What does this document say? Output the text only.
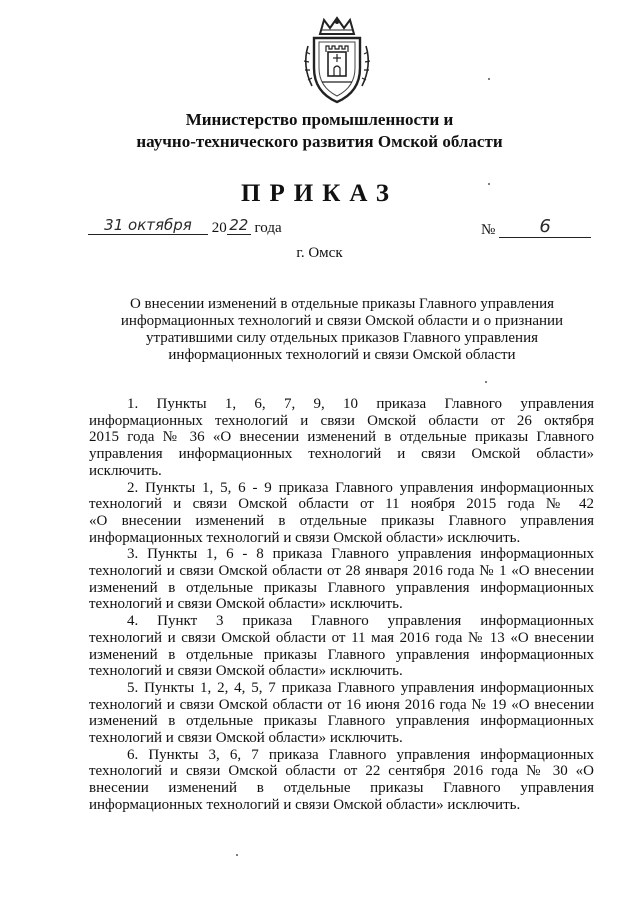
Министерство промышленности и
научно-технического развития Омской области
ПРИКАЗ
31 октября 20 22 года	№ 6
г. Омск
О внесении изменений в отдельные приказы Главного управления
информационных технологий и связи Омской области и о признании
утратившими силу отдельных приказов Главного управления
информационных технологий и связи Омской области
1. Пункты 1, 6, 7, 9, 10 приказа Главного управления
информационных технологий и связи Омской области от 26 октября
2015 года № 36 «О внесении изменений в отдельные приказы Главного
управления информационных технологий и связи Омской области»
исключить.
2. Пункты 1, 5, 6 - 9 приказа Главного управления информационных
технологий и связи Омской области от 11 ноября 2015 года № 42
«О внесении изменений в отдельные приказы Главного управления
информационных технологий и связи Омской области» исключить.
3. Пункты 1, 6 - 8 приказа Главного управления информационных
технологий и связи Омской области от 28 января 2016 года № 1 «О внесении
изменений в отдельные приказы Главного управления информационных
технологий и связи Омской области» исключить.
4. Пункт 3 приказа Главного управления информационных
технологий и связи Омской области от 11 мая 2016 года № 13 «О внесении
изменений в отдельные приказы Главного управления информационных
технологий и связи Омской области» исключить.
5. Пункты 1, 2, 4, 5, 7 приказа Главного управления информационных
технологий и связи Омской области от 16 июня 2016 года № 19 «О внесении
изменений в отдельные приказы Главного управления информационных
технологий и связи Омской области» исключить.
6. Пункты 3, 6, 7 приказа Главного управления информационных
технологий и связи Омской области от 22 сентября 2016 года № 30 «О
внесении изменений в отдельные приказы Главного управления
информационных технологий и связи Омской области» исключить.
